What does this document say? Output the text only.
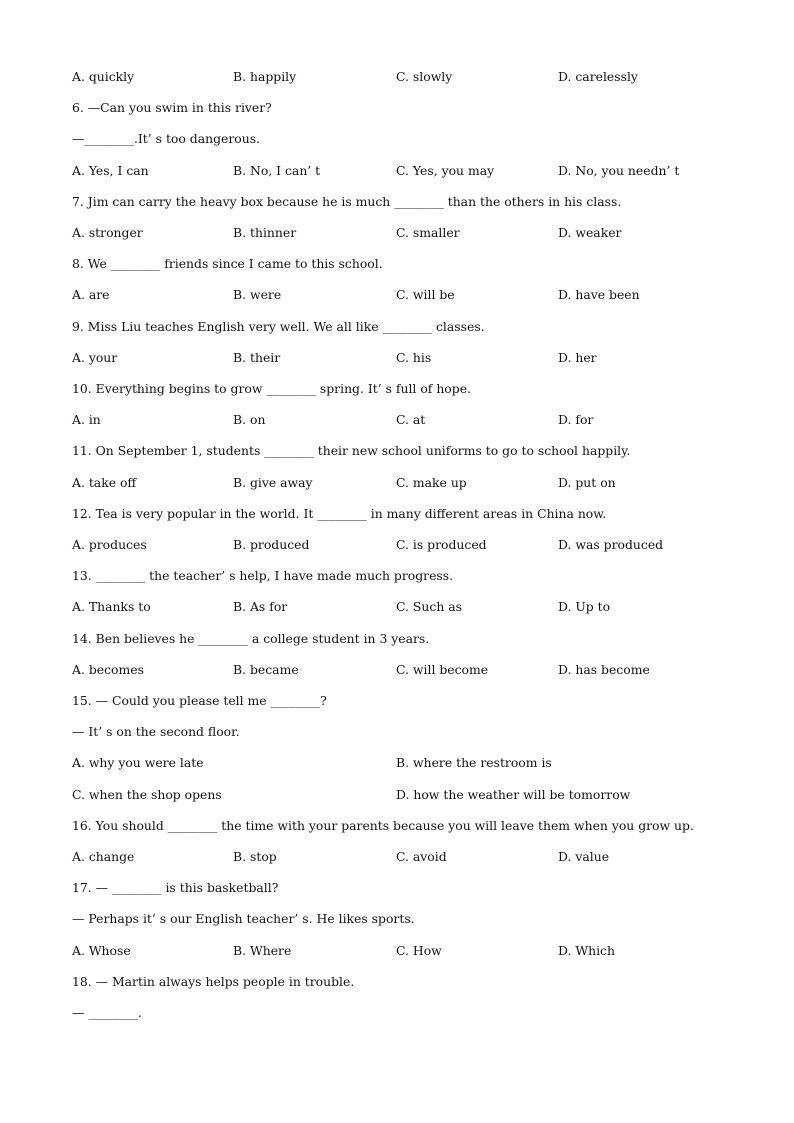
A. quickly	B. happily	C. slowly	D. carelessly
6. —Can you swim in this river?
—________.It’ s too dangerous.
A. Yes, I can	B. No, I can’ t	C. Yes, you may	D. No, you needn’ t
7. Jim can carry the heavy box because he is much ________ than the others in his class.
A. stronger	B. thinner	C. smaller	D. weaker
8. We ________ friends since I came to this school.
A. are	B. were	C. will be	D. have been
9. Miss Liu teaches English very well. We all like ________ classes.
A. your	B. their	C. his	D. her
10. Everything begins to grow ________ spring. It’ s full of hope.
A. in	B. on	C. at	D. for
11. On September 1, students ________ their new school uniforms to go to school happily.
A. take off	B. give away	C. make up	D. put on
12. Tea is very popular in the world. It ________ in many different areas in China now.
A. produces	B. produced	C. is produced	D. was produced
13. ________ the teacher’ s help, I have made much progress.
A. Thanks to	B. As for	C. Such as	D. Up to
14. Ben believes he ________ a college student in 3 years.
A. becomes	B. became	C. will become	D. has become
15. — Could you please tell me ________?
— It’ s on the second floor.
A. why you were late	B. where the restroom is
C. when the shop opens	D. how the weather will be tomorrow
16. You should ________ the time with your parents because you will leave them when you grow up.
A. change	B. stop	C. avoid	D. value
17. — ________ is this basketball?
— Perhaps it’ s our English teacher’ s. He likes sports.
A. Whose	B. Where	C. How	D. Which
18. — Martin always helps people in trouble.
— ________.
